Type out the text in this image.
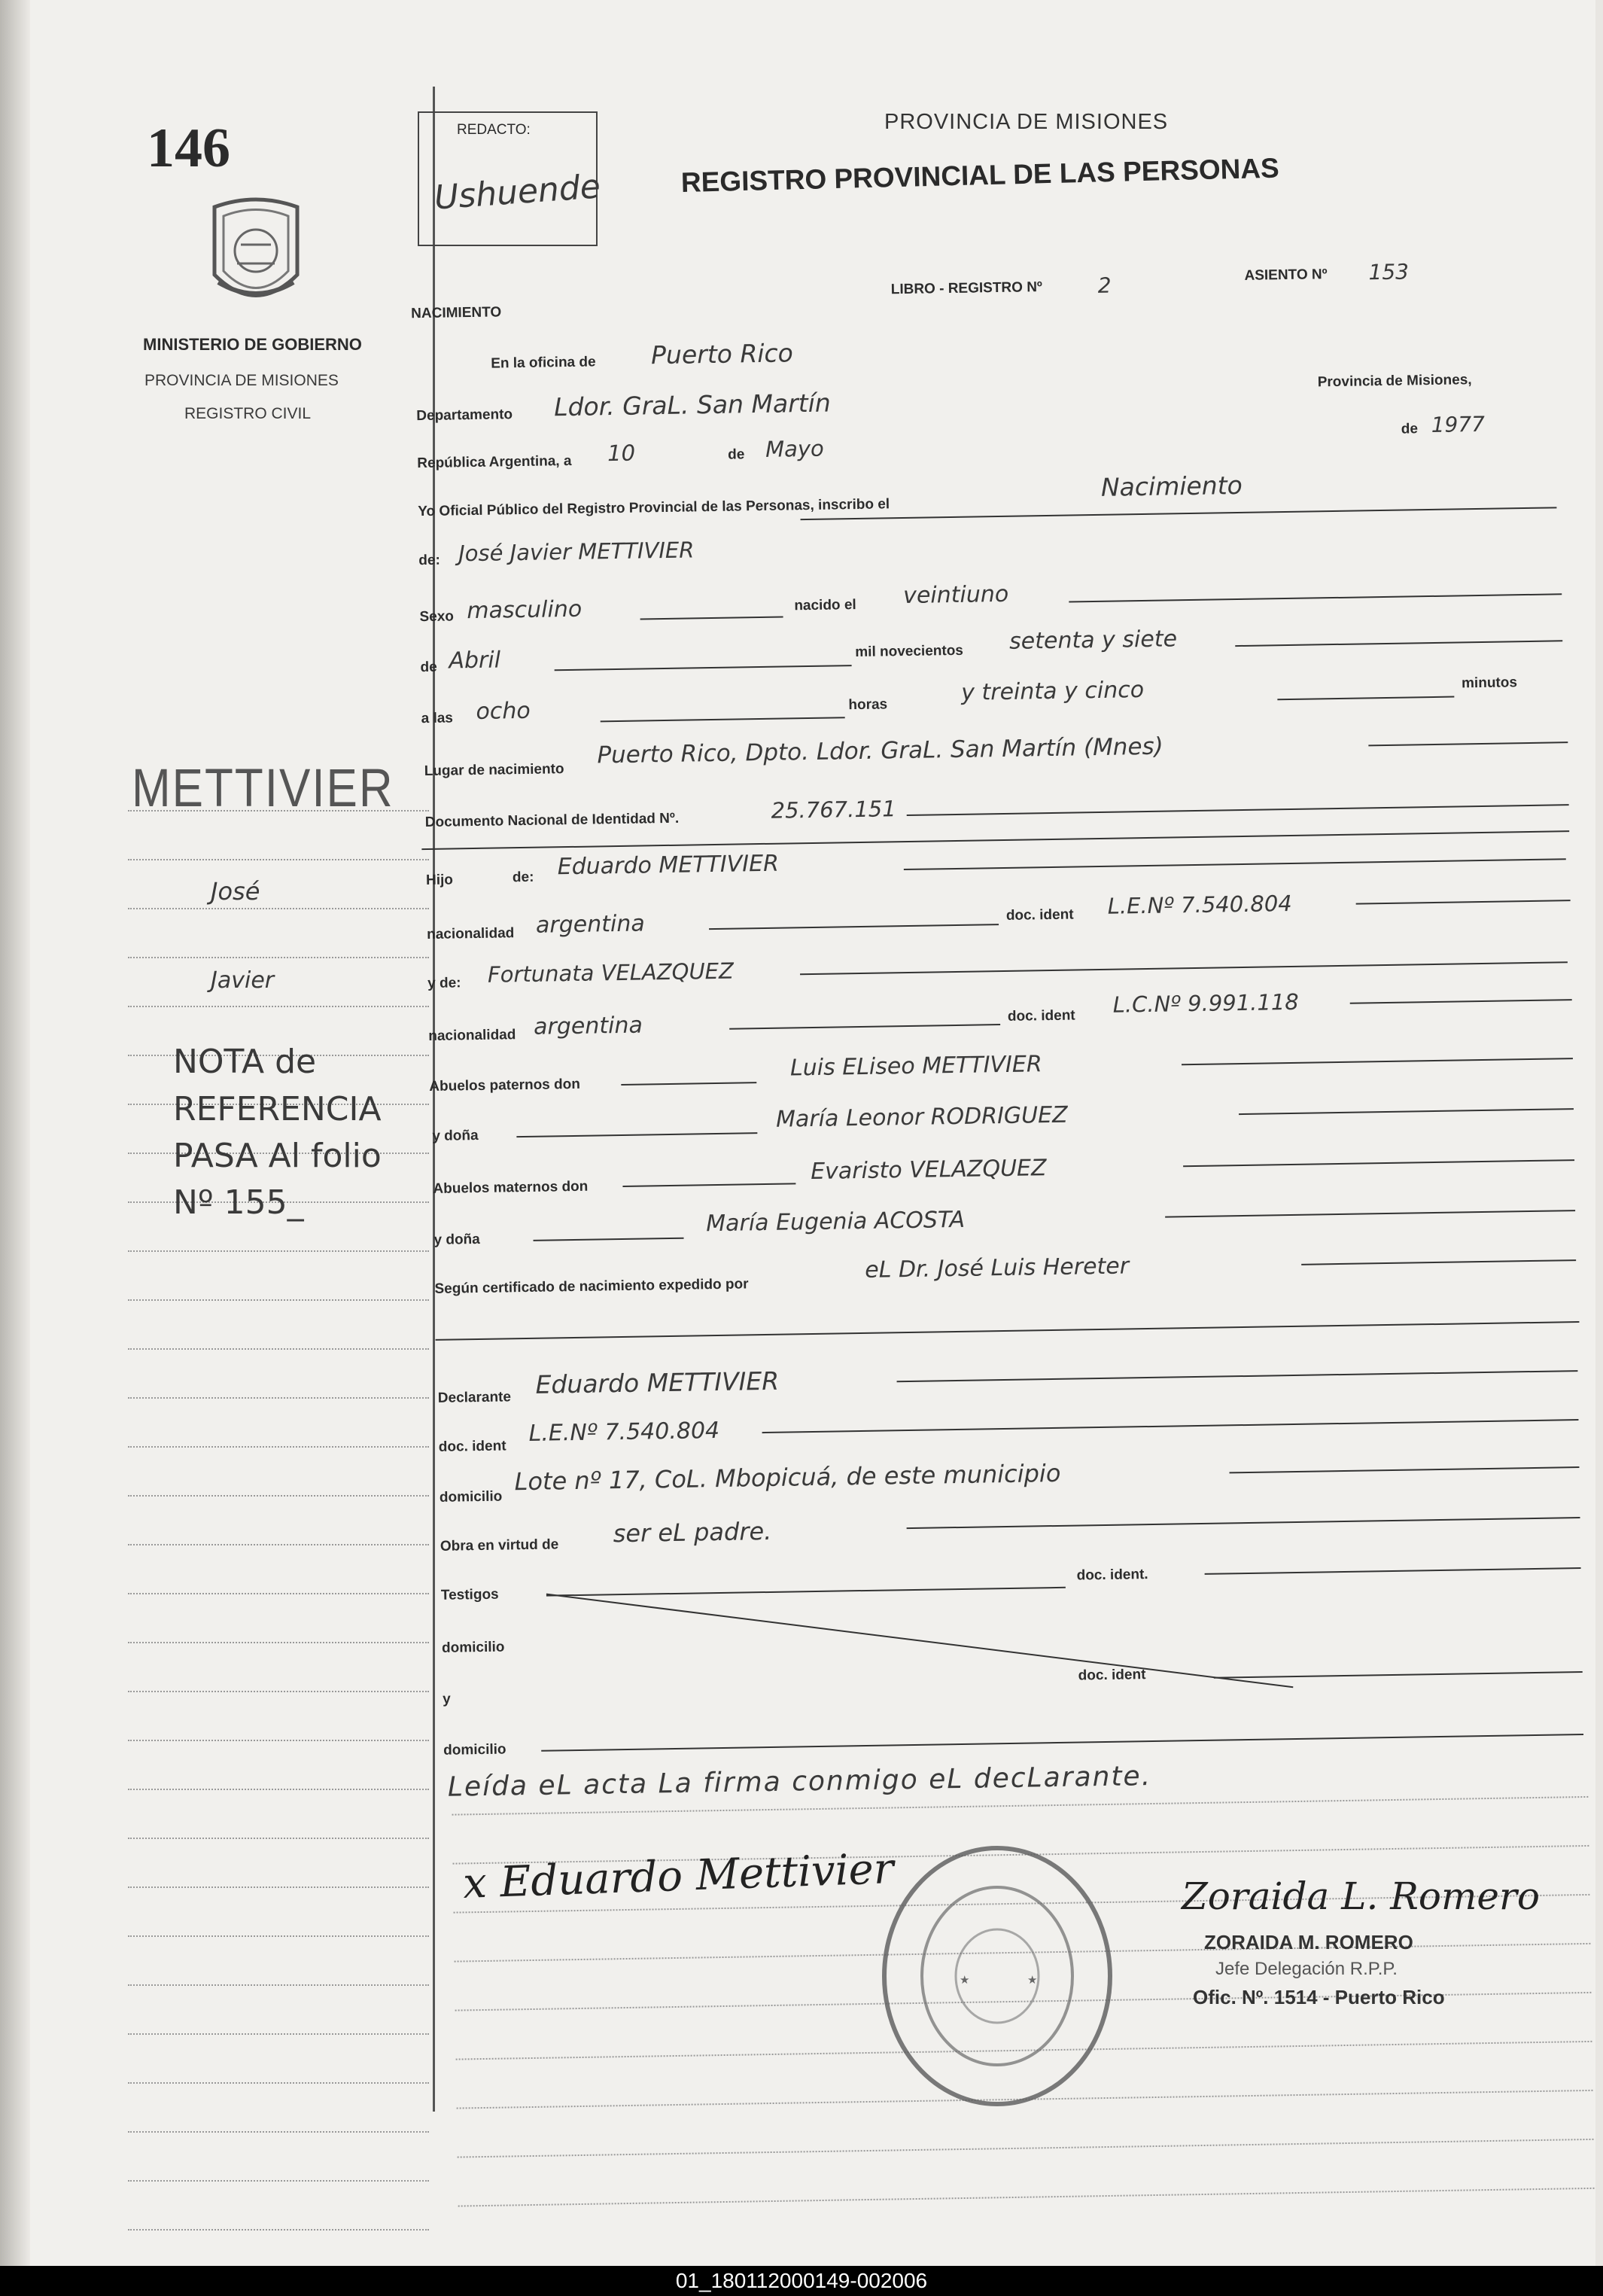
146
MINISTERIO DE GOBIERNO
PROVINCIA DE MISIONES
REGISTRO CIVIL
METTIVIER
José
Javier
NOTA de
REFERENCIA
PASA Al folio
Nº 155_
REDACTO:
Ushuende
PROVINCIA DE MISIONES
REGISTRO PROVINCIAL DE LAS PERSONAS
NACIMIENTO
LIBRO - REGISTRO Nº	2	ASIENTO Nº 153
En la oficina de Puerto Rico
Departamento Ldor. GraL. San Martín
Provincia de Misiones,
República Argentina, a 10	de Mayo
de 1977
Yo Oficial Público del Registro Provincial de las Personas, inscribo el
Nacimiento
de: José Javier METTIVIER
Sexo masculino	nacido el veintiuno
de Abril	mil novecientos setenta y siete
a las ocho	horas	y treinta y cinco	minutos
Lugar de nacimiento
Puerto Rico, Dpto. Ldor. GraL. San Martín (Mnes)
Documento Nacional de Identidad Nº.	25.767.151
Hijo	de: Eduardo METTIVIER
nacionalidad argentina	doc. ident L.E.Nº 7.540.804
y de: Fortunata VELAZQUEZ
nacionalidad argentina	doc. ident L.C.Nº 9.991.118
Abuelos paternos don
Luis ELiseo METTIVIER
y doña
María Leonor RODRIGUEZ
Abuelos maternos don
Evaristo VELAZQUEZ
y doña
María Eugenia ACOSTA
Según certificado de nacimiento expedido por
eL Dr. José Luis Hereter
Declarante Eduardo METTIVIER
doc. ident L.E.Nº 7.540.804
domicilio
Lote nº 17, CoL. Mbopicuá, de este municipio
Obra en virtud de ser eL padre.
Testigos
doc. ident.
domicilio
y
doc. ident
domicilio
Leída eL acta La firma conmigo eL decLarante.
x Eduardo Mettivier
★	★
Zoraida L. Romero
ZORAIDA M. ROMERO
Jefe Delegación R.P.P.
Ofic. Nº. 1514 - Puerto Rico
01_180112000149-002006
